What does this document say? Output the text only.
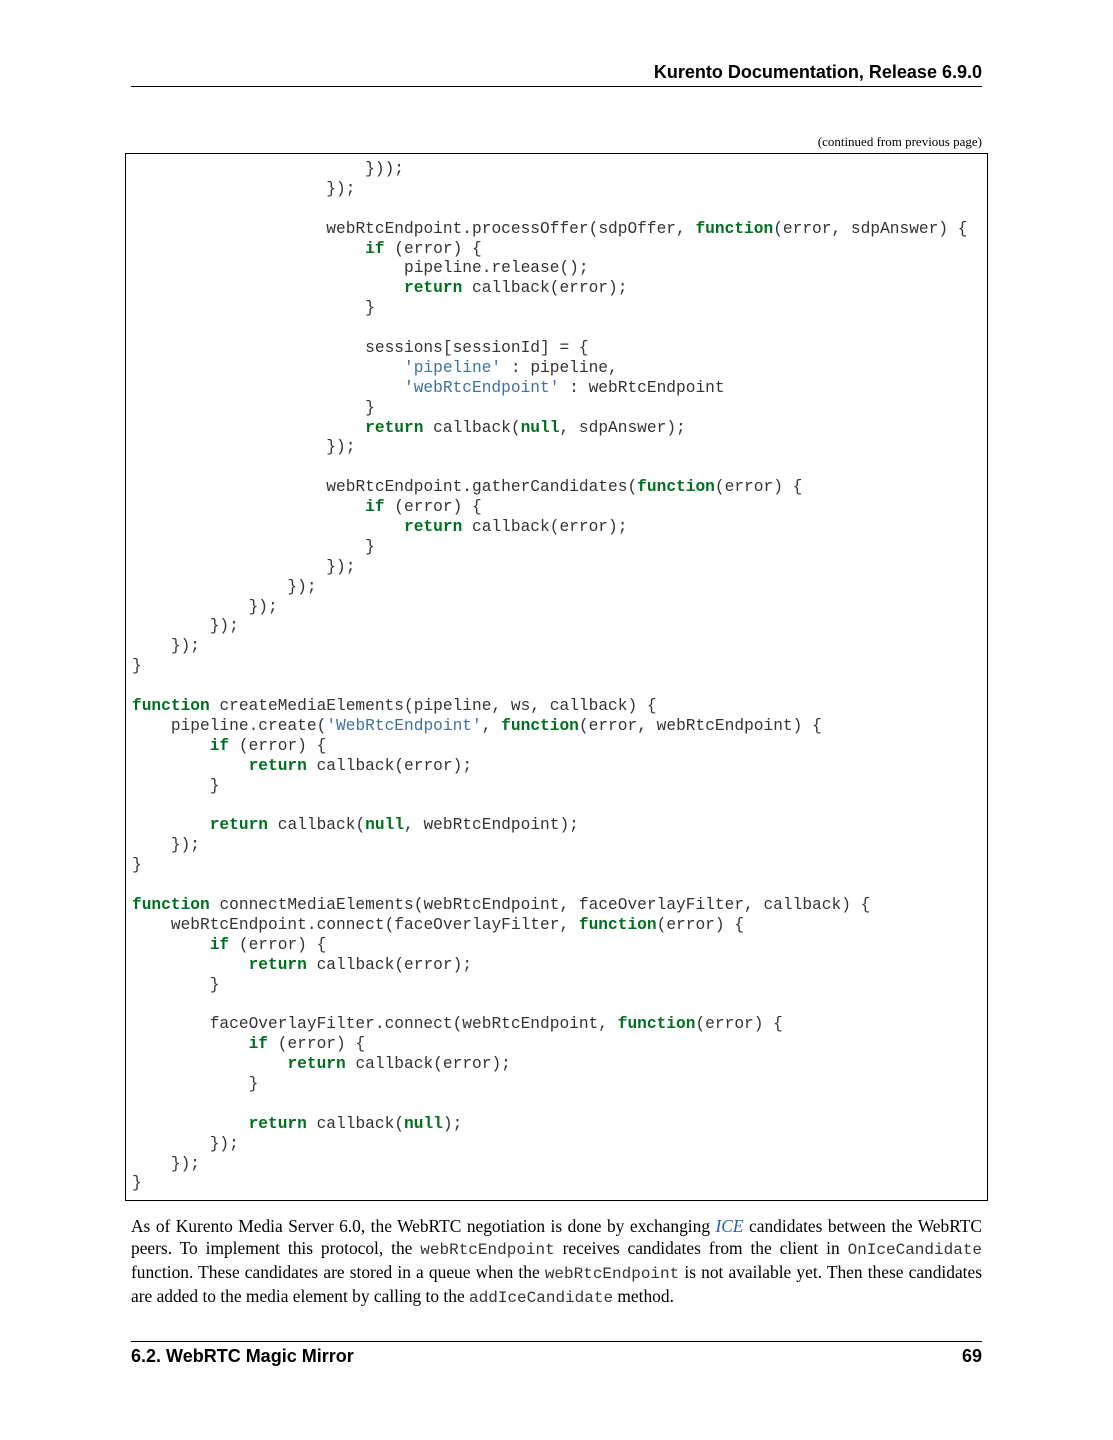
Kurento Documentation, Release 6.9.0
(continued from previous page)
}));
});

webRtcEndpoint.processOffer(sdpOffer, function(error, sdpAnswer) {
if (error) {
pipeline.release();
return callback(error);
}

sessions[sessionId] = {
'pipeline' : pipeline,
'webRtcEndpoint' : webRtcEndpoint
}
return callback(null, sdpAnswer);
});

webRtcEndpoint.gatherCandidates(function(error) {
if (error) {
return callback(error);
}
});
});
});
});
});
}

function createMediaElements(pipeline, ws, callback) {
pipeline.create('WebRtcEndpoint', function(error, webRtcEndpoint) {
if (error) {
return callback(error);
}

return callback(null, webRtcEndpoint);
});
}

function connectMediaElements(webRtcEndpoint, faceOverlayFilter, callback) {
webRtcEndpoint.connect(faceOverlayFilter, function(error) {
if (error) {
return callback(error);
}

faceOverlayFilter.connect(webRtcEndpoint, function(error) {
if (error) {
return callback(error);
}

return callback(null);
});
});
}

As of Kurento Media Server 6.0, the WebRTC negotiation is done by exchanging ICE candidates between the WebRTC peers. To implement this protocol, the webRtcEndpoint receives candidates from the client in OnIceCandidate function. These candidates are stored in a queue when the webRtcEndpoint is not available yet. Then these candidates are added to the media element by calling to the addIceCandidate method.

6.2. WebRTC Magic Mirror	69
